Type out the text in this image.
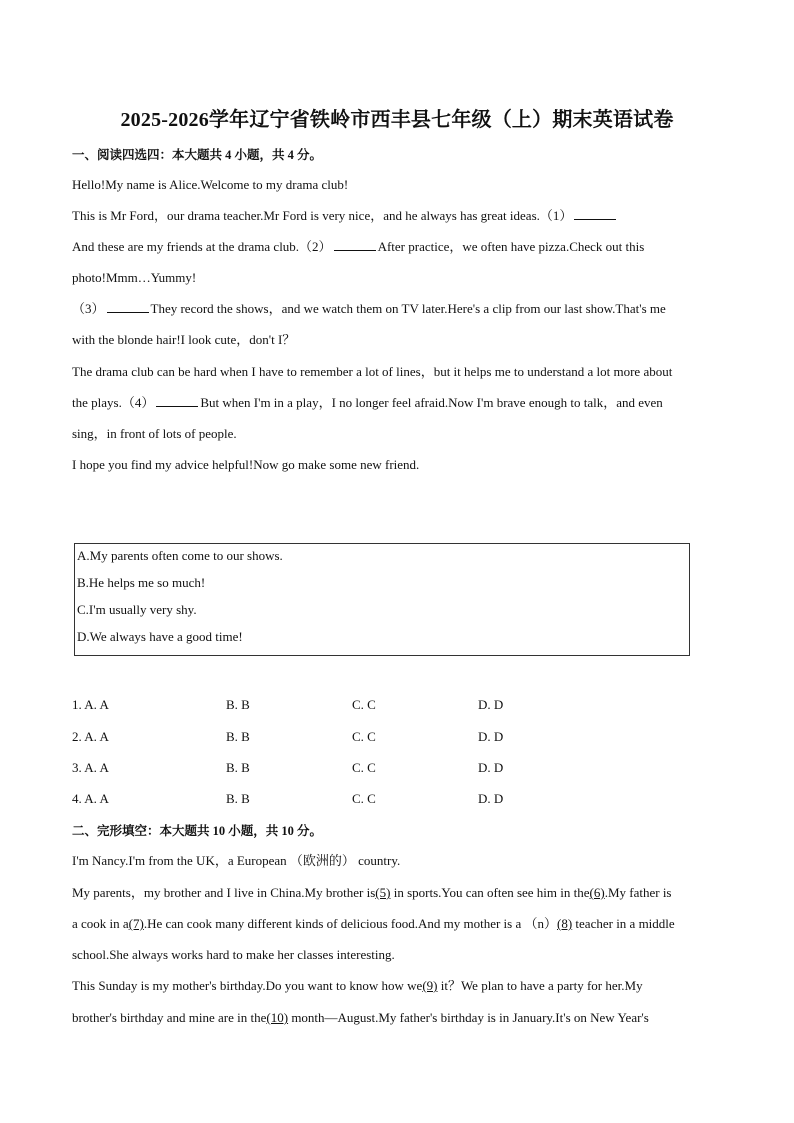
2025-2026学年辽宁省铁岭市西丰县七年级（上）期末英语试卷
一、阅读四选四：本大题共 4 小题，共 4 分。
Hello!My name is Alice.Welcome to my drama club!
This is Mr Ford，our drama teacher.Mr Ford is very nice，and he always has great ideas.（1）
And these are my friends at the drama club.（2）	After practice，we often have pizza.Check out this
photo!Mmm…Yummy!
（3）	They record the shows，and we watch them on TV later.Here's a clip from our last show.That's me
with the blonde hair!I look cute，don't I？
The drama club can be hard when I have to remember a lot of lines，but it helps me to understand a lot more about
the plays.（4）	But when I'm in a play，I no longer feel afraid.Now I'm brave enough to talk，and even
sing，in front of lots of people.
I hope you find my advice helpful!Now go make some new friend.
A.My parents often come to our shows.
B.He helps me so much!
C.I'm usually very shy.
D.We always have a good time!
1. A. A	B. B	C. C	D. D
2. A. A	B. B	C. C	D. D
3. A. A	B. B	C. C	D. D
4. A. A	B. B	C. C	D. D
二、完形填空：本大题共 10 小题，共 10 分。
I'm Nancy.I'm from the UK，a European （欧洲的） country.
My parents，my brother and I live in China.My brother is(5) in sports.You can often see him in the(6).My father is
a cook in a(7).He can cook many different kinds of delicious food.And my mother is a （n）(8) teacher in a middle
school.She always works hard to make her classes interesting.
This Sunday is my mother's birthday.Do you want to know how we(9) it？We plan to have a party for her.My
brother's birthday and mine are in the(10) month—August.My father's birthday is in January.It's on New Year's
